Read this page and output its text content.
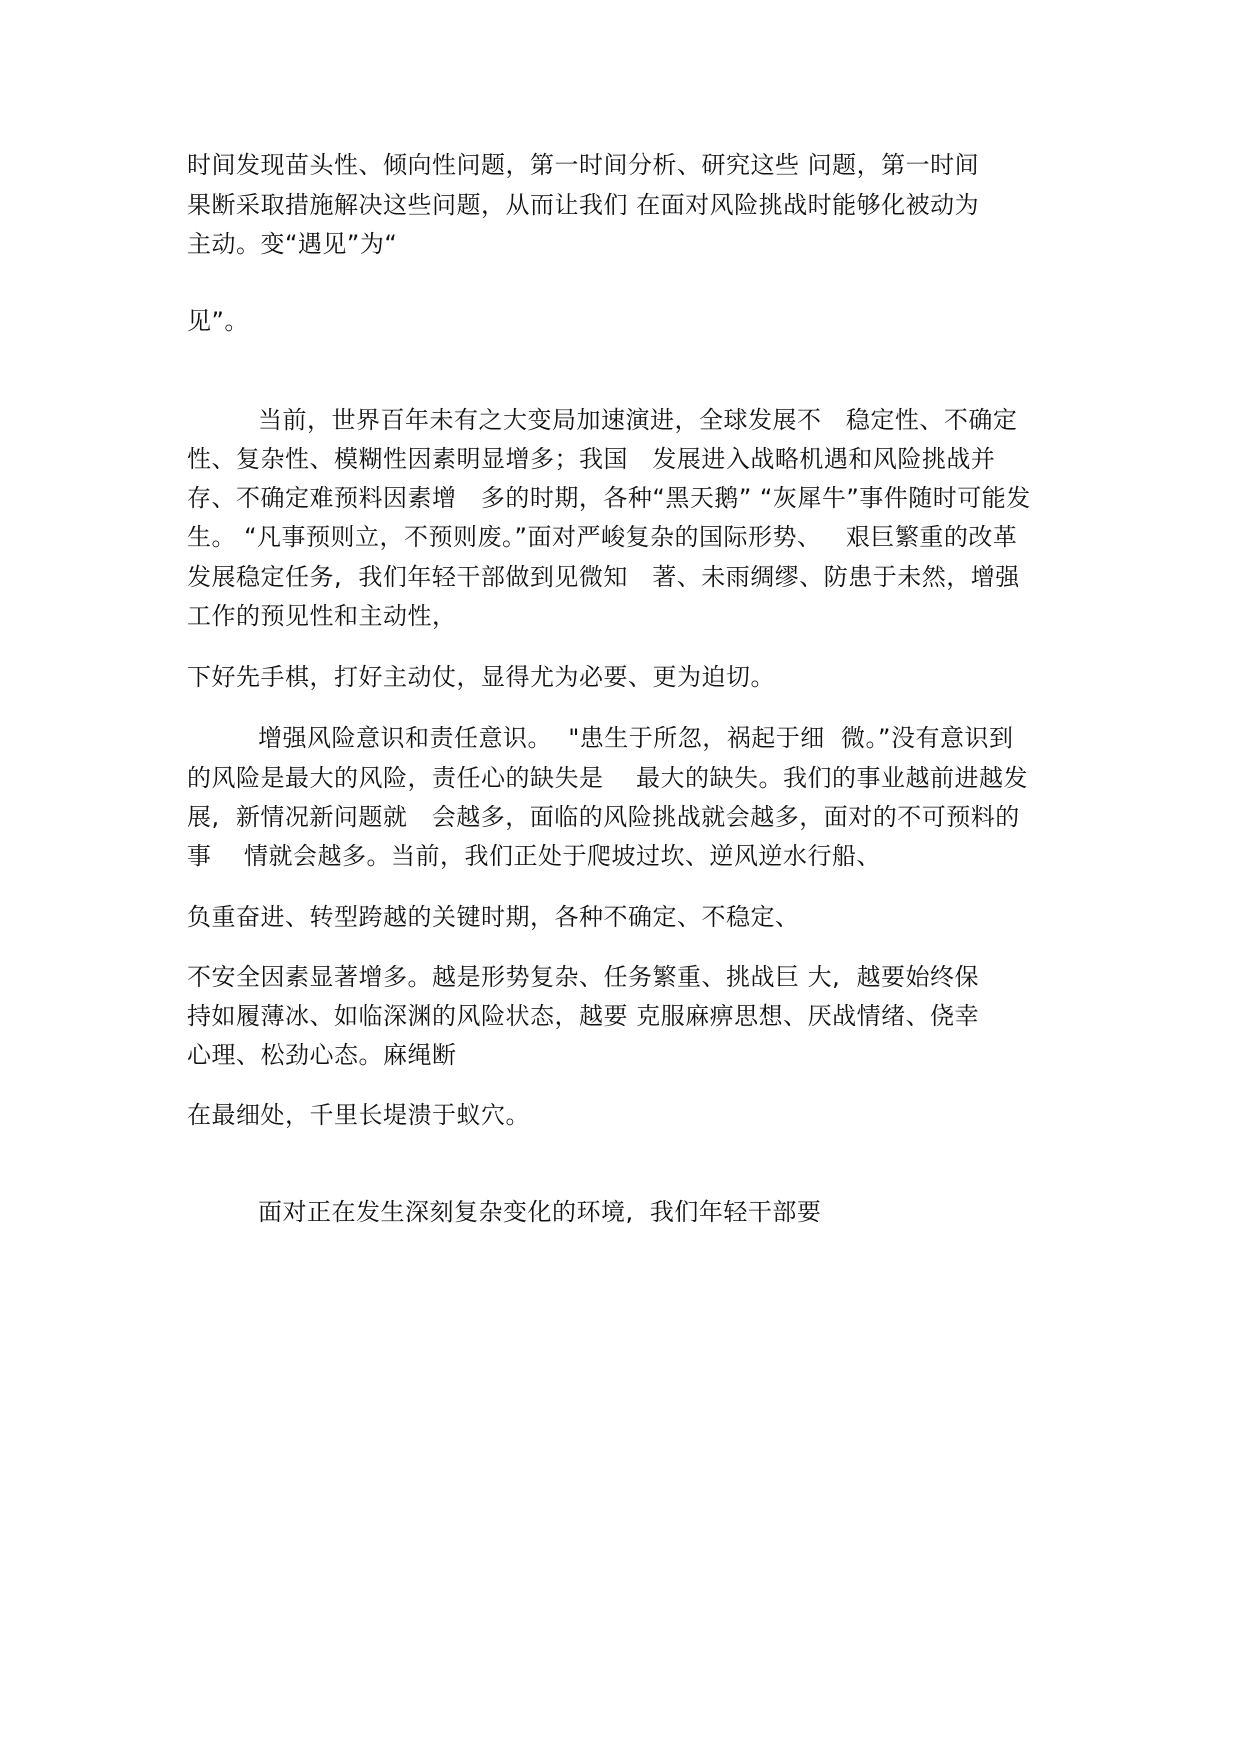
时间发现苗头性、倾向性问题，第一时间分析、研究这些 问题，第一时间
果断采取措施解决这些问题，从而让我们 在面对风险挑战时能够化被动为
主动。变“遇见”为“
见”。
当前，世界百年未有之大变局加速演进，全球发展不   稳定性、不确定
性、复杂性、模糊性因素明显增多；我国   发展进入战略机遇和风险挑战并
存、不确定难预料因素增   多的时期，各种“黑天鹅” “灰犀牛”事件随时可能发
生。 “凡事预则立，不预则废。”面对严峻复杂的国际形势、   艰巨繁重的改革
发展稳定任务,  我们年轻干部做到见微知   著、未雨绸缪、防患于未然，增强
工作的预见性和主动性，
下好先手棋，打好主动仗，显得尤为必要、更为迫切。
增强风险意识和责任意识。  "患生于所忽，祸起于细  微。”没有意识到
的风险是最大的风险，责任心的缺失是    最大的缺失。我们的事业越前进越发
展,  新情况新问题就   会越多，面临的风险挑战就会越多，面对的不可预料的
事    情就会越多。当前，我们正处于爬坡过坎、逆风逆水行船、
负重奋进、转型跨越的关键时期，各种不确定、不稳定、
不安全因素显著增多。越是形势复杂、任务繁重、挑战巨 大,  越要始终保
持如履薄冰、如临深渊的风险状态，越要 克服麻痹思想、厌战情绪、侥幸
心理、松劲心态。麻绳断
在最细处，千里长堤溃于蚁穴。
面对正在发生深刻复杂变化的环境,  我们年轻干部要
